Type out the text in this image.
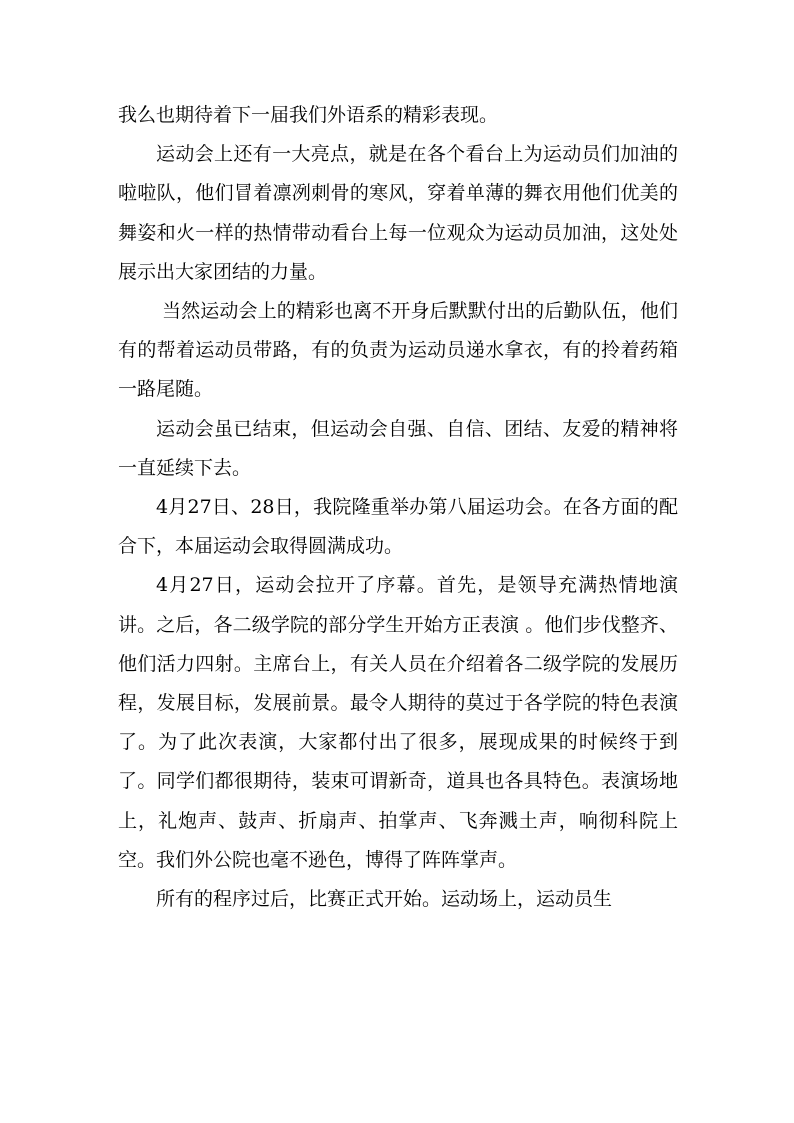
我么也期待着下一届我们外语系的精彩表现。

运动会上还有一大亮点，就是在各个看台上为运动员们加油的啦啦队，他们冒着凛冽刺骨的寒风，穿着单薄的舞衣用他们优美的舞姿和火一样的热情带动看台上每一位观众为运动员加油，这处处展示出大家团结的力量。

当然运动会上的精彩也离不开身后默默付出的后勤队伍，他们有的帮着运动员带路，有的负责为运动员递水拿衣，有的拎着药箱一路尾随。

运动会虽已结束，但运动会自强、自信、团结、友爱的精神将一直延续下去。

4月27日、28日，我院隆重举办第八届运功会。在各方面的配合下，本届运动会取得圆满成功。

4月27日，运动会拉开了序幕。首先，是领导充满热情地演讲。之后，各二级学院的部分学生开始方正表演 。他们步伐整齐、他们活力四射。主席台上，有关人员在介绍着各二级学院的发展历程，发展目标，发展前景。最令人期待的莫过于各学院的特色表演了。为了此次表演，大家都付出了很多，展现成果的时候终于到了。同学们都很期待，装束可谓新奇，道具也各具特色。表演场地上，礼炮声、鼓声、折扇声、拍掌声、飞奔溅土声，响彻科院上空。我们外公院也毫不逊色，博得了阵阵掌声。

所有的程序过后，比赛正式开始。运动场上，运动员生
